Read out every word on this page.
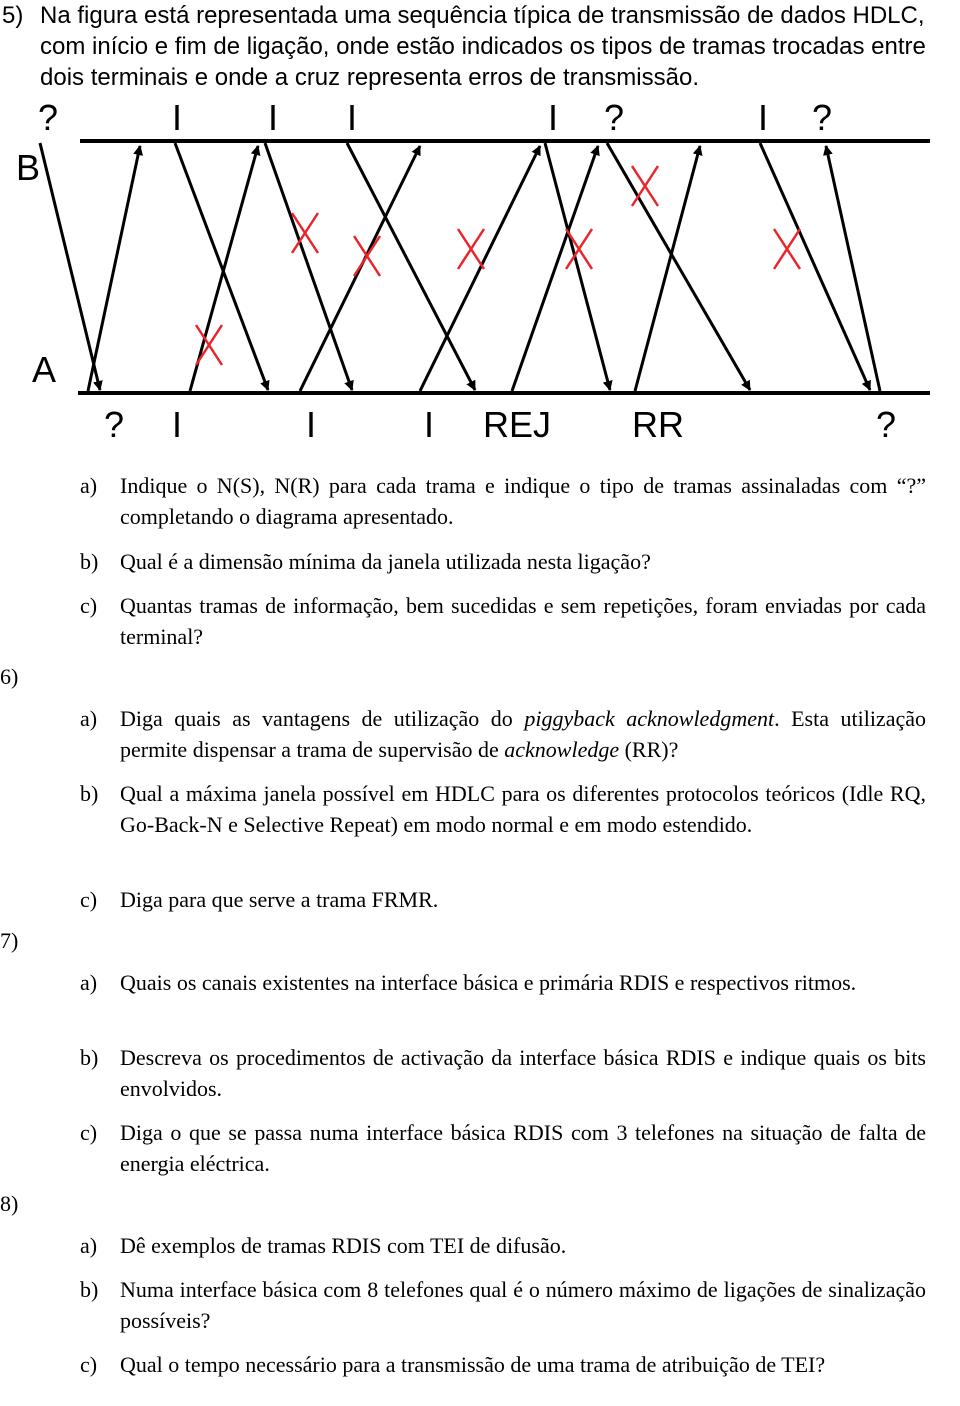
5) Na figura está representada uma sequência típica de transmissão de dados HDLC,
com início e fim de ligação, onde estão indicados os tipos de tramas trocadas entre
dois terminais e onde a cruz representa erros de transmissão.
B
A
?	I I I	I ?	I ?
? I	I	I REJ RR	?
a) Indique o N(S), N(R) para cada trama e indique o tipo de tramas assinaladas com “?” completando o diagrama apresentado.
b) Qual é a dimensão mínima da janela utilizada nesta ligação?
c) Quantas tramas de informação, bem sucedidas e sem repetições, foram enviadas por cada terminal?
6)
a) Diga quais as vantagens de utilização do piggyback acknowledgment. Esta utilização permite dispensar a trama de supervisão de acknowledge (RR)?
b) Qual a máxima janela possível em HDLC para os diferentes protocolos teóricos (Idle RQ, Go-Back-N e Selective Repeat) em modo normal e em modo estendido.
c) Diga para que serve a trama FRMR.
7)
a) Quais os canais existentes na interface básica e primária RDIS e respectivos ritmos.
b) Descreva os procedimentos de activação da interface básica RDIS e indique quais os bits envolvidos.
c) Diga o que se passa numa interface básica RDIS com 3 telefones na situação de falta de energia eléctrica.
8)
a) Dê exemplos de tramas RDIS com TEI de difusão.
b) Numa interface básica com 8 telefones qual é o número máximo de ligações de sinalização possíveis?
c) Qual o tempo necessário para a transmissão de uma trama de atribuição de TEI?
